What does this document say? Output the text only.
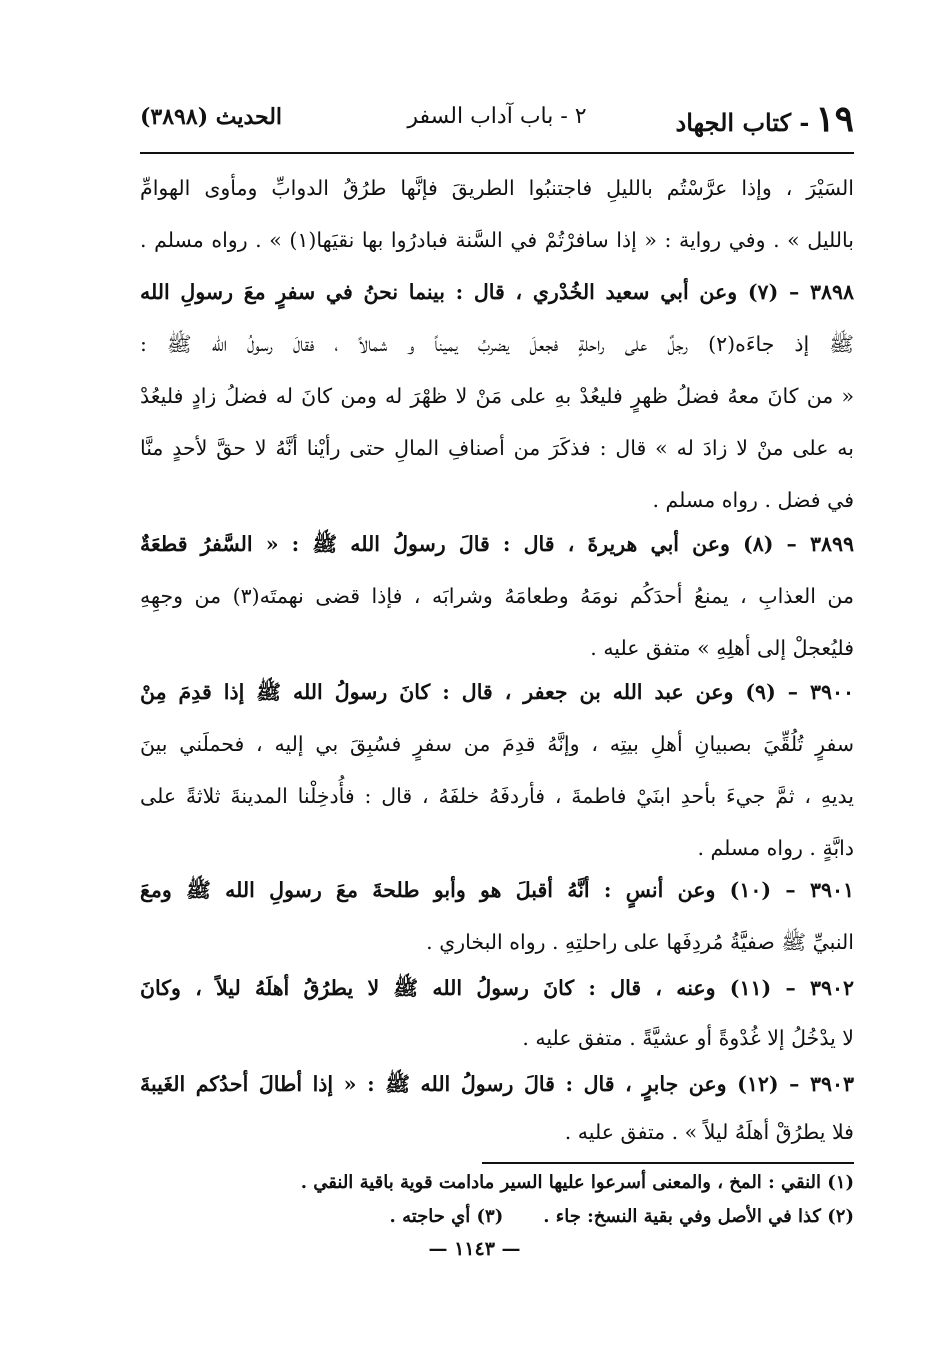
١٩- كتاب الجهاد
٢ - باب آداب السفر
الحديث (٣٨٩٨)
السَيْرَ ، وإذا عرَّسْتُم بالليلِ فاجتنبُوا الطريقَ فإنَّها طرُقُ الدوابِّ ومأوى الهوامِّ
بالليل » . وفي رواية : « إذا سافرْتُمْ في السَّنة فبادرُوا بها نقيَها(١) » . رواه مسلم .
٣٨٩٨ – (٧) وعن أبي سعيد الخُدْري ، قال : بينما نحنُ في سفرٍ معَ رسولِ الله
ﷺ إذ جاءَه(٢) رجلٌ على راحلةٍ فجعلَ يضربُ يميناً و شمالاً ، فقالَ رسولُ الله ﷺ :
« من كانَ معهُ فضلُ ظهرٍ فليعُدْ بهِ على مَنْ لا ظهْرَ له ومن كانَ له فضلُ زادٍ فليعُدْ
به على منْ لا زادَ له » قال : فذكَرَ من أصنافِ المالِ حتى رأيْنا أنَّهُ لا حقَّ لأحدٍ منَّا
في فضل . رواه مسلم .
٣٨٩٩ – (٨) وعن أبي هريرةَ ، قال : قالَ رسولُ الله ﷺ : « السَّفرُ قطعَةٌ
من العذابِ ، يمنعُ أحدَكُم نومَهُ وطعامَهُ وشرابَه ، فإذا قضى نهمتَه(٣) من وجهِهِ
فليُعجلْ إلى أهلِهِ » متفق عليه .
٣٩٠٠ – (٩) وعن عبد الله بن جعفر ، قال : كانَ رسولُ الله ﷺ إذا قدِمَ مِنْ
سفرٍ تُلُقِّيَ بصبيانِ أهلِ بيتِه ، وإنَّهُ قدِمَ من سفرٍ فسُبِقَ بي إليه ، فحملَني بينَ
يديهِ ، ثمَّ جيءَ بأحدِ ابنَيْ فاطمةَ ، فأردفَهُ خلفَهُ ، قال : فأُدخِلْنا المدينةَ ثلاثةً على
دابَّةٍ . رواه مسلم .
٣٩٠١ – (١٠) وعن أنسٍ : أنَّهُ أقبلَ هو وأبو طلحةَ معَ رسولِ الله ﷺ ومعَ
النبيِّ ﷺ صفيَّةُ مُردِفَها على راحلتِهِ . رواه البخاري .
٣٩٠٢ – (١١) وعنه ، قال : كانَ رسولُ الله ﷺ لا يطرُقُ أهلَهُ ليلاً ، وكانَ
لا يدْخُلُ إلا غُدْوةً أو عشيَّةً . متفق عليه .
٣٩٠٣ – (١٢) وعن جابرٍ ، قال : قالَ رسولُ الله ﷺ : « إذا أطالَ أحدُكم الغَيبةَ
فلا يطرُقْ أهلَهُ ليلاً » . متفق عليه .
(١) النقي : المخ ، والمعنى أسرعوا عليها السير مادامت قوية باقية النقي .
(٢) كذا في الأصل وفي بقية النسخ: جاء .(٣) أي حاجته .
— ١١٤٣ —
